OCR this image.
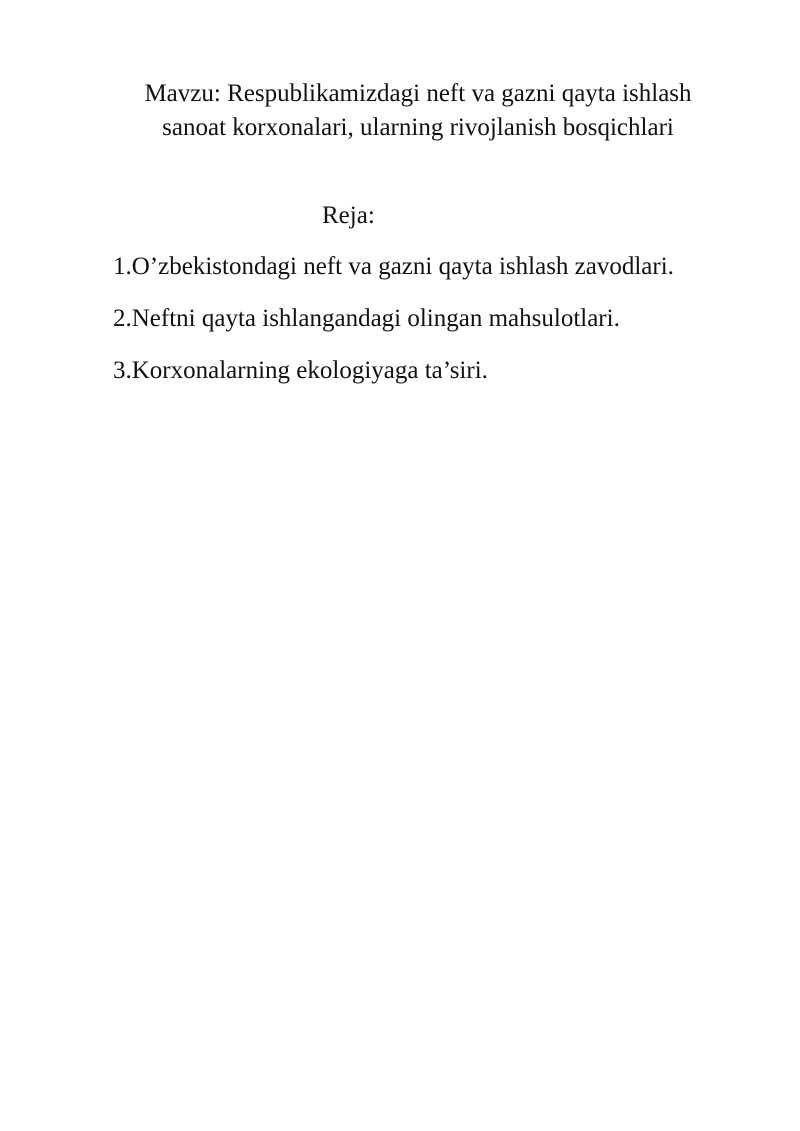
Mavzu: Respublikamizdagi neft va gazni qayta ishlash sanoat korxonalari, ularning rivojlanish bosqichlari

Reja:

1.O’zbekistondagi neft va gazni qayta ishlash zavodlari.
2.Neftni qayta ishlangandagi olingan mahsulotlari.
3.Korxonalarning ekologiyaga ta’siri.
